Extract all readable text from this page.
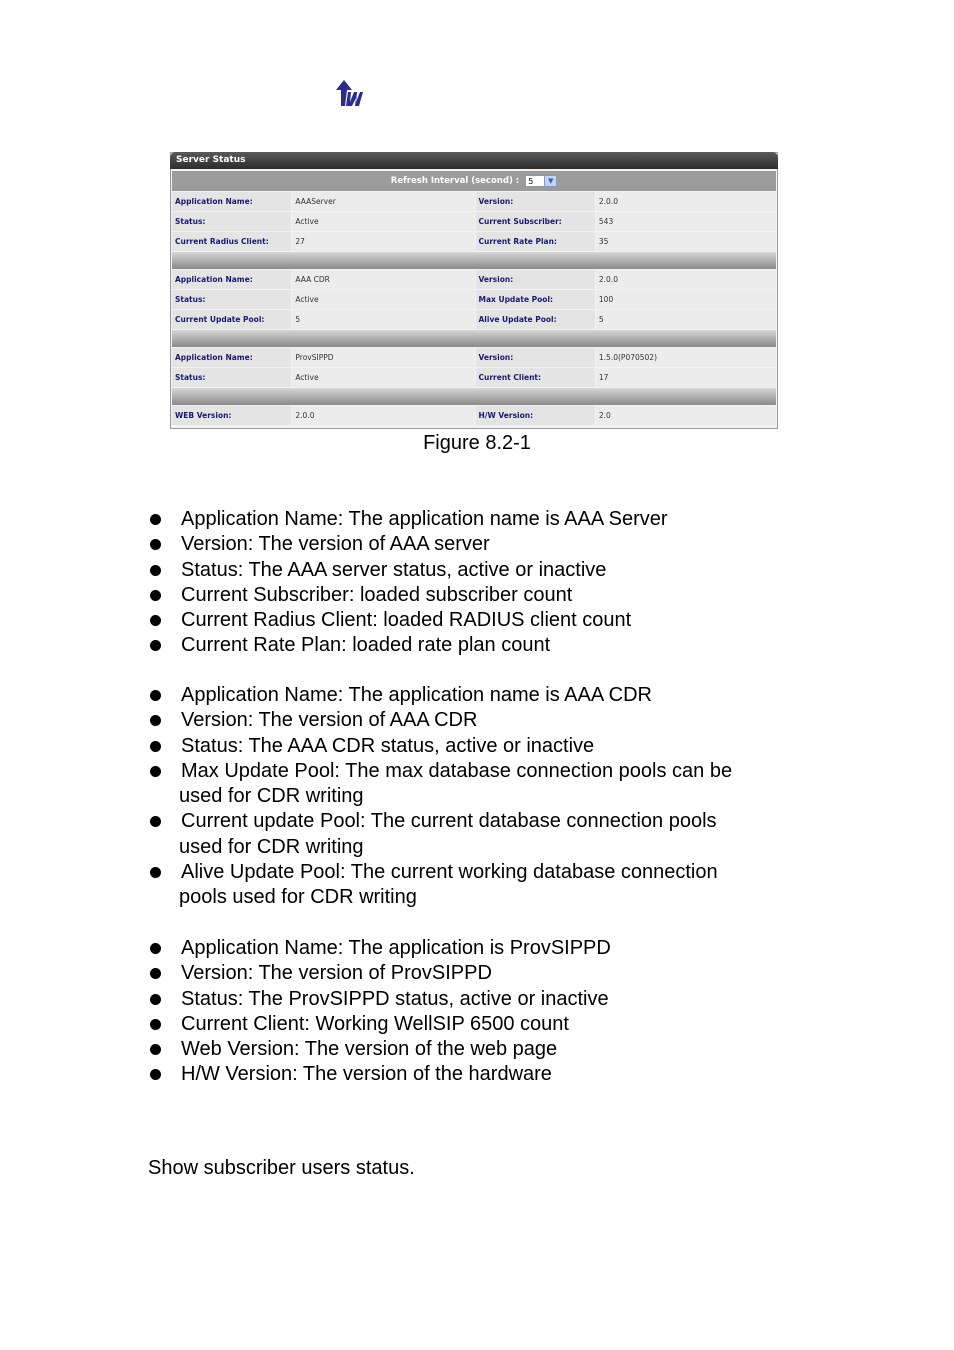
Server Status
Refresh Interval (second) : 5	▼
Application Name:	AAAServer	Version:	2.0.0
Status:	Active	Current Subscriber:	543
Current Radius Client:	27	Current Rate Plan:	35
Application Name:	AAA CDR	Version:	2.0.0
Status:	Active	Max Update Pool:	100
Current Update Pool:	5	Alive Update Pool:	5
Application Name:	ProvSIPPD	Version:	1.5.0(P070502)
Status:	Active	Current Client:	17
WEB Version:	2.0.0	H/W Version:	2.0
Figure 8.2-1
Application Name: The application name is AAA Server
Version: The version of AAA server
Status: The AAA server status, active or inactive
Current Subscriber: loaded subscriber count
Current Radius Client: loaded RADIUS client count
Current Rate Plan: loaded rate plan count
Application Name: The application name is AAA CDR
Version: The version of AAA CDR
Status: The AAA CDR status, active or inactive
Max Update Pool: The max database connection pools can be
used for CDR writing
Current update Pool: The current database connection pools
used for CDR writing
Alive Update Pool: The current working database connection
pools used for CDR writing
Application Name: The application is ProvSIPPD
Version: The version of ProvSIPPD
Status: The ProvSIPPD status, active or inactive
Current Client: Working WellSIP 6500 count
Web Version: The version of the web page
H/W Version: The version of the hardware
Show subscriber users status.
